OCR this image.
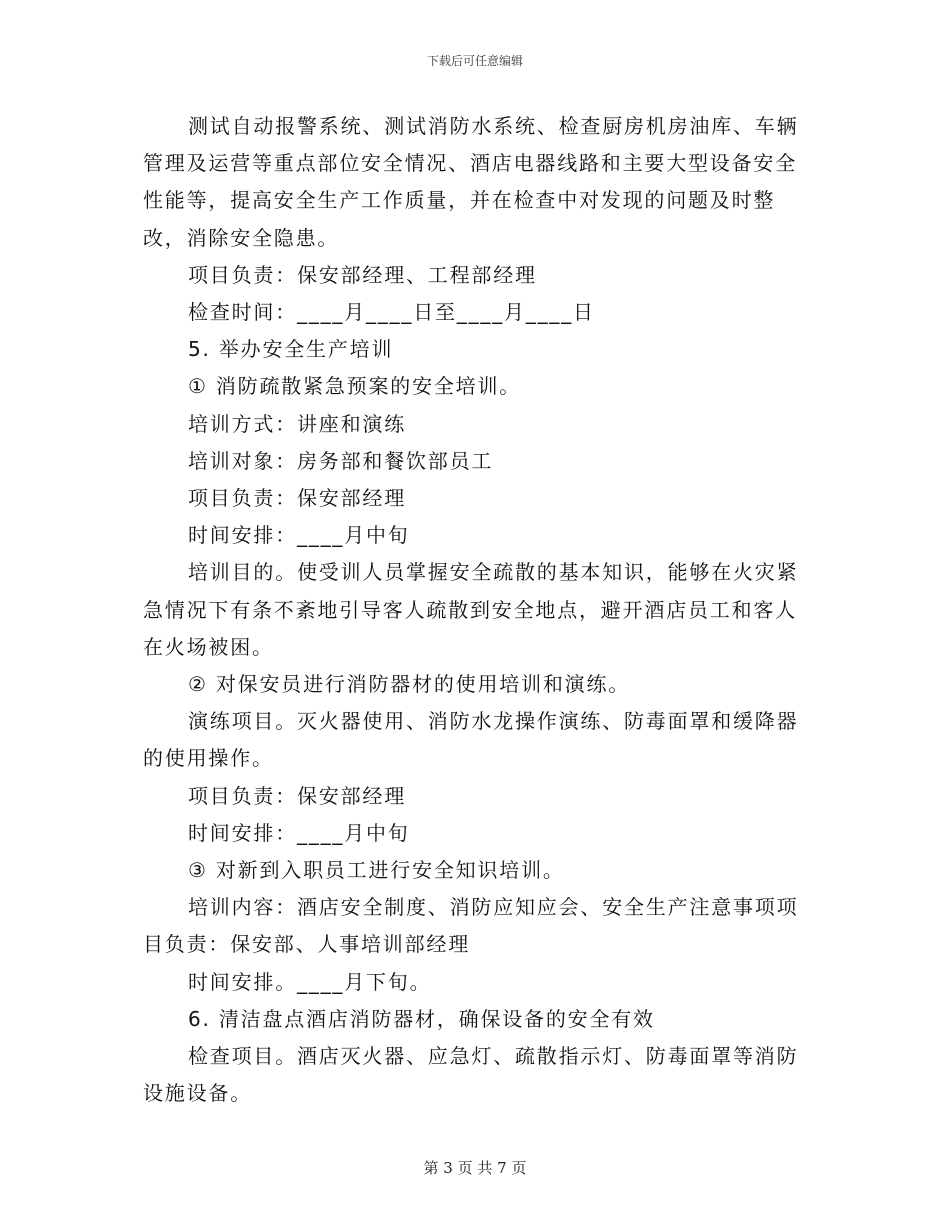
下载后可任意编辑

测试自动报警系统、测试消防水系统、检查厨房机房油库、车辆管理及运营等重点部位安全情况、酒店电器线路和主要大型设备安全性能等，提高安全生产工作质量，并在检查中对发现的问题及时整改，消除安全隐患。

项目负责：保安部经理、工程部经理

检查时间：____月____日至____月____日

5. 举办安全生产培训

① 消防疏散紧急预案的安全培训。

培训方式：讲座和演练

培训对象：房务部和餐饮部员工

项目负责：保安部经理

时间安排：____月中旬

培训目的。使受训人员掌握安全疏散的基本知识，能够在火灾紧急情况下有条不紊地引导客人疏散到安全地点，避开酒店员工和客人在火场被困。

② 对保安员进行消防器材的使用培训和演练。

演练项目。灭火器使用、消防水龙操作演练、防毒面罩和缓降器的使用操作。

项目负责：保安部经理

时间安排：____月中旬

③ 对新到入职员工进行安全知识培训。

培训内容：酒店安全制度、消防应知应会、安全生产注意事项项目负责：保安部、人事培训部经理

时间安排。____月下旬。

6. 清洁盘点酒店消防器材，确保设备的安全有效

检查项目。酒店灭火器、应急灯、疏散指示灯、防毒面罩等消防设施设备。

第 3 页 共 7 页
